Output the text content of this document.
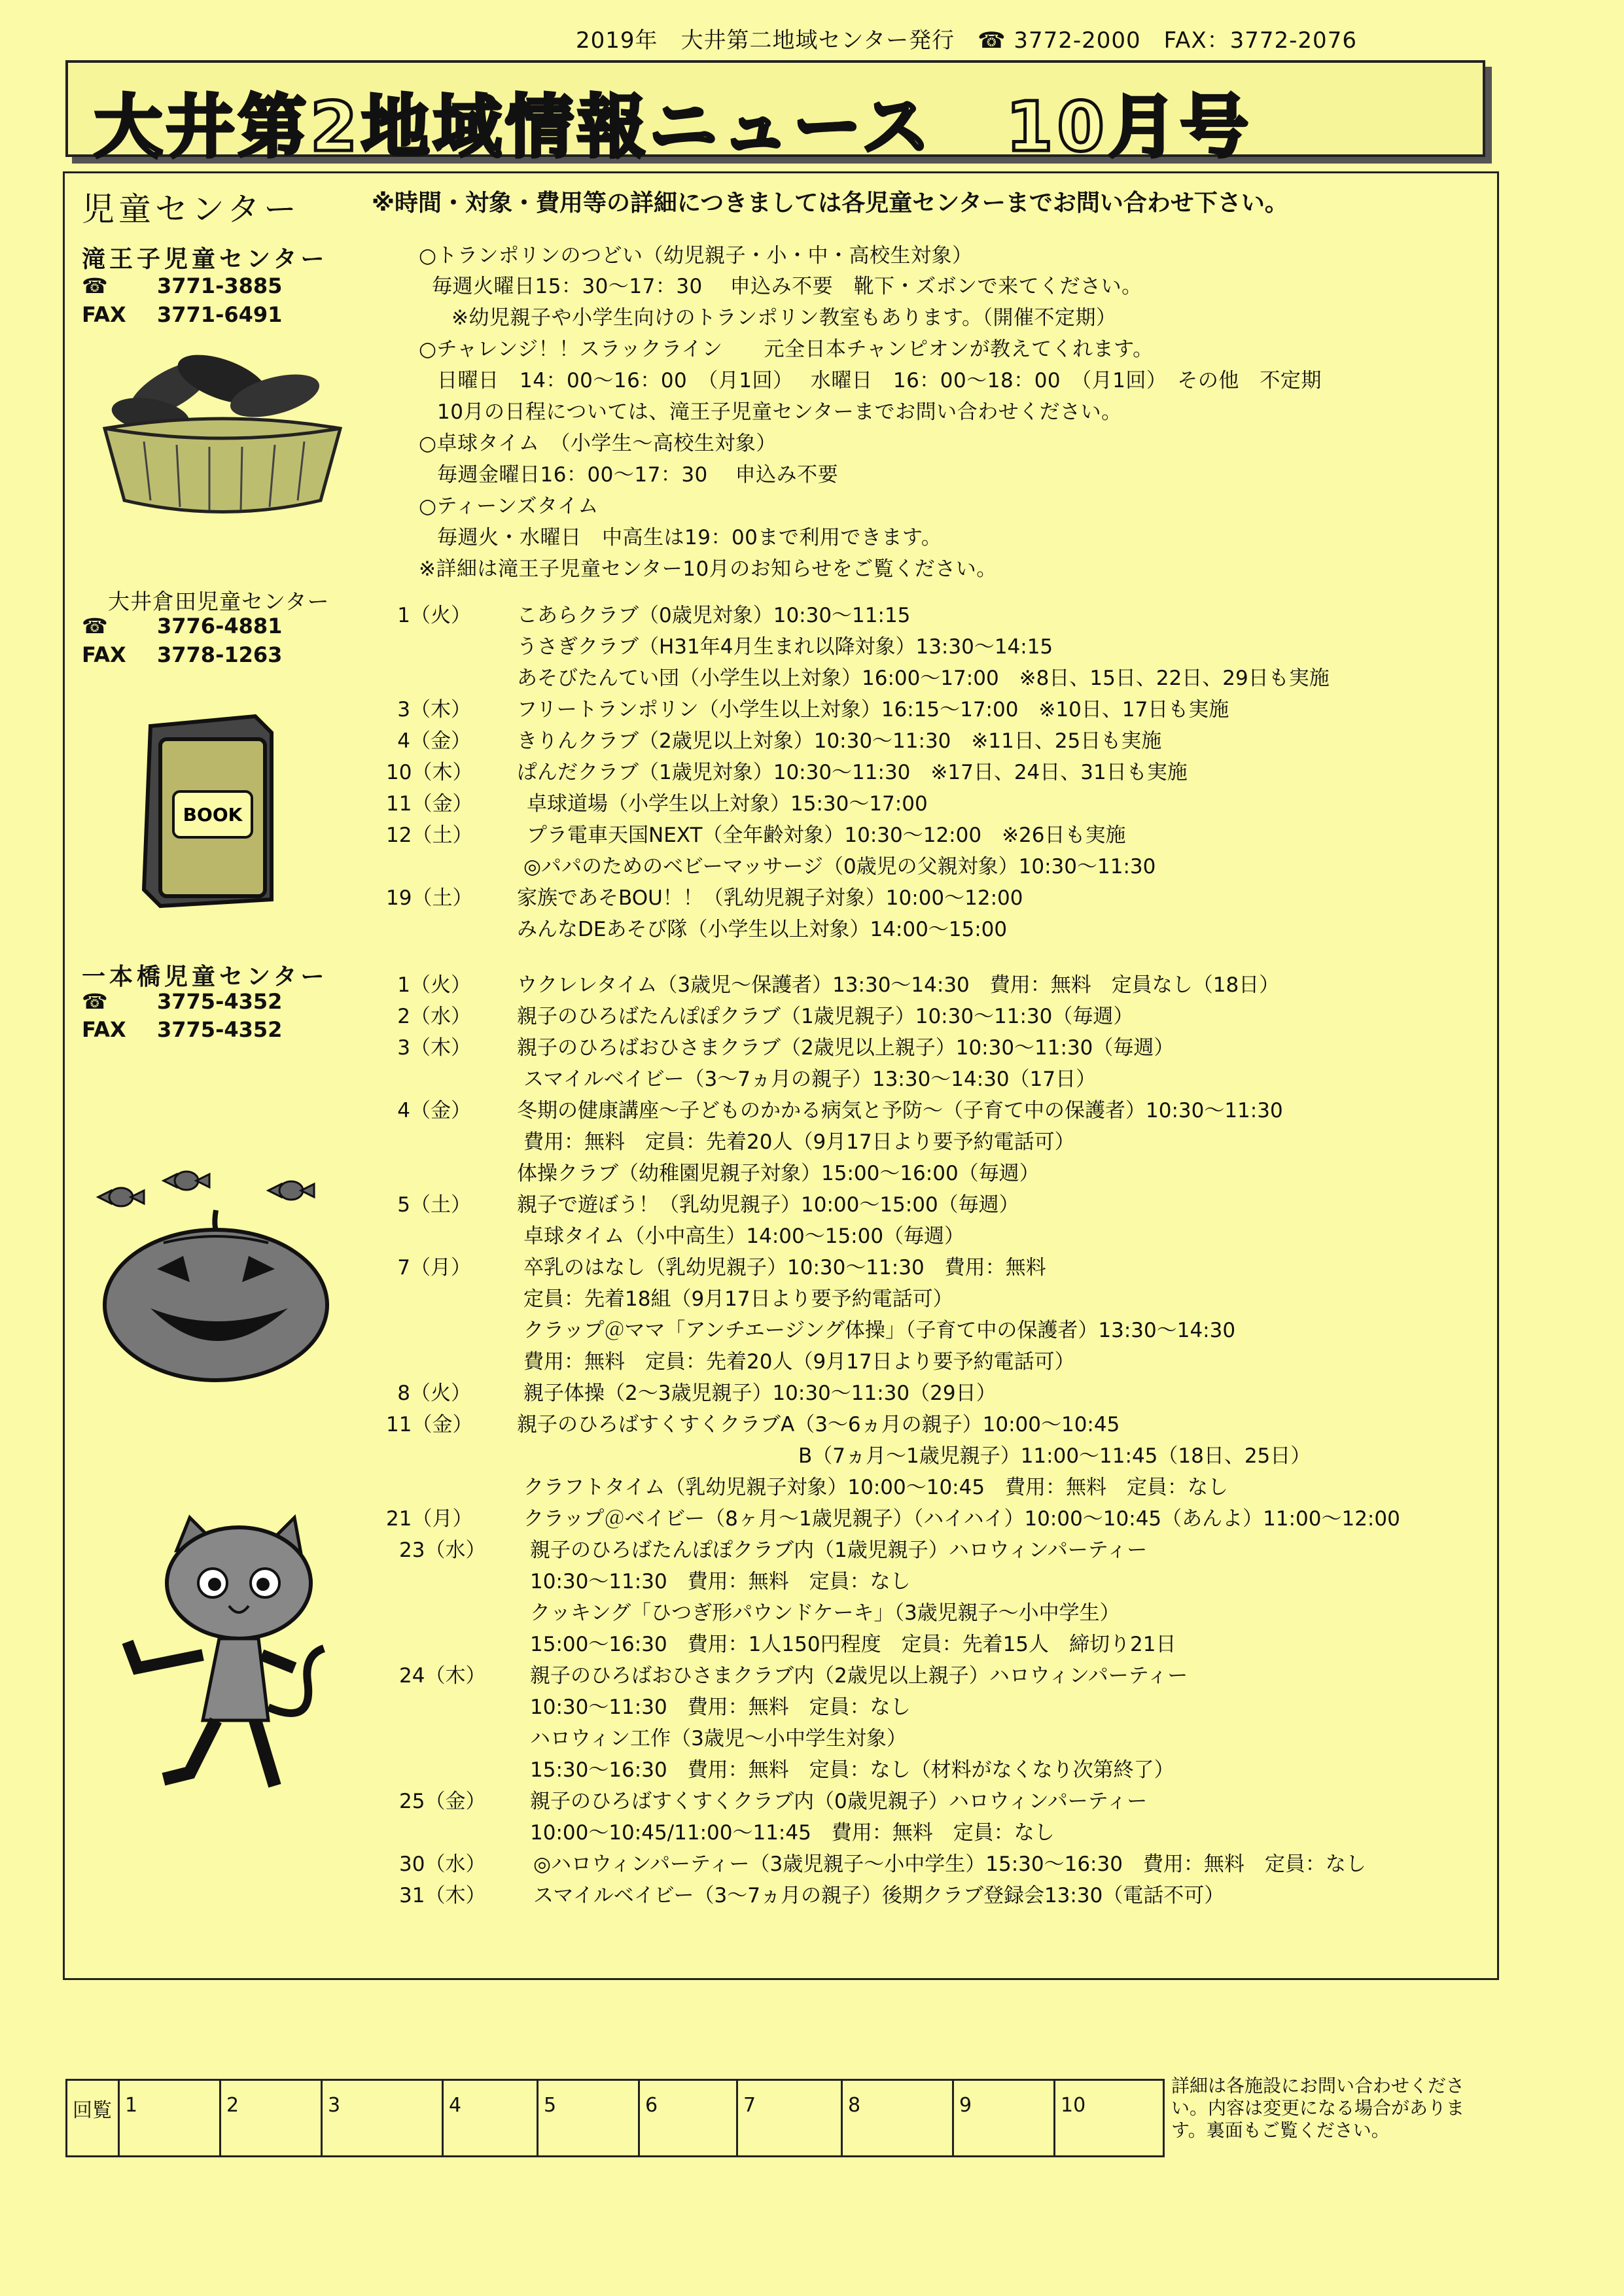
2019年　大井第二地域センター発行　☎ 3772-2000　FAX：3772-2076
大井第2地域情報ニュース　10月号
児童センター	※時間・対象・費用等の詳細につきましては各児童センターまでお問い合わせ下さい。
滝王子児童センター
☎ 3771-3885
FAX 3771-6491
大井倉田児童センター
☎ 3776-4881
FAX 3778-1263
BOOK
一本橋児童センター
☎ 3775-4352
FAX 3775-4352
○トランポリンのつどい（幼児親子・小・中・高校生対象）
毎週火曜日15：30～17：30　 申込み不要　靴下・ズボンで来てください。
※幼児親子や小学生向けのトランポリン教室もあります。（開催不定期）
○チャレンジ！！スラックライン　　元全日本チャンピオンが教えてくれます。
日曜日　14：00～16：00　（月1回）　 水曜日　16：00～18：00　（月1回）　その他　不定期
10月の日程については、滝王子児童センターまでお問い合わせください。
○卓球タイム　（小学生～高校生対象）
毎週金曜日16：00～17：30　 申込み不要
○ティーンズタイム
毎週火・水曜日　中高生は19：00まで利用できます。
※詳細は滝王子児童センター10月のお知らせをご覧ください。
1（火） こあらクラブ（0歳児対象）10:30～11:15
うさぎクラブ（H31年4月生まれ以降対象）13:30～14:15
あそびたんてい団（小学生以上対象）16:00～17:00　※8日、15日、22日、29日も実施
3（木） フリートランポリン（小学生以上対象）16:15～17:00　※10日、17日も実施
4（金） きりんクラブ（2歳児以上対象）10:30～11:30　※11日、25日も実施
10（木） ぱんだクラブ（1歳児対象）10:30～11:30　※17日、24日、31日も実施
11（金）	卓球道場（小学生以上対象）15:30～17:00
12（土）	プラ電車天国NEXT（全年齢対象）10:30～12:00　※26日も実施
◎パパのためのベビーマッサージ（0歳児の父親対象）10:30～11:30
19（土） 家族であそBOU！！（乳幼児親子対象）10:00～12:00
みんなDEあそび隊（小学生以上対象）14:00～15:00
1（火） ウクレレタイム（3歳児～保護者）13:30～14:30　費用：無料　定員なし（18日）
2（水） 親子のひろばたんぽぽクラブ（1歳児親子）10:30～11:30（毎週）
3（木） 親子のひろばおひさまクラブ（2歳児以上親子）10:30～11:30（毎週）
スマイルベイビー（3～7ヵ月の親子）13:30～14:30（17日）
4（金） 冬期の健康講座～子どものかかる病気と予防～（子育て中の保護者）10:30～11:30
費用：無料　定員：先着20人（9月17日より要予約電話可）
体操クラブ（幼稚園児親子対象）15:00～16:00（毎週）
5（土） 親子で遊ぼう！（乳幼児親子）10:00～15:00（毎週）
卓球タイム（小中高生）14:00～15:00（毎週）
7（月）	卒乳のはなし（乳幼児親子）10:30～11:30　費用：無料
定員：先着18組（9月17日より要予約電話可）
クラップ＠ママ「アンチエージング体操」（子育て中の保護者）13:30～14:30
費用：無料　定員：先着20人（9月17日より要予約電話可）
8（火）	親子体操（2～3歳児親子）10:30～11:30（29日）
11（金） 親子のひろばすくすくクラブA（3～6ヵ月の親子）10:00～10:45
B（7ヵ月～1歳児親子）11:00～11:45（18日、25日）
クラフトタイム（乳幼児親子対象）10:00～10:45　費用：無料　定員：なし
21（月）	クラップ＠ベイビー（8ヶ月～1歳児親子）（ハイハイ）10:00～10:45（あんよ）11:00～12:00
23（水） 親子のひろばたんぽぽクラブ内（1歳児親子）ハロウィンパーティー
10:30～11:30　費用：無料　定員：なし
クッキング「ひつぎ形パウンドケーキ」（3歳児親子～小中学生）
15:00～16:30　費用：1人150円程度　定員：先着15人　締切り21日
24（木） 親子のひろばおひさまクラブ内（2歳児以上親子）ハロウィンパーティー
10:30～11:30　費用：無料　定員：なし
ハロウィン工作（3歳児～小中学生対象）
15:30～16:30　費用：無料　定員：なし（材料がなくなり次第終了）
25（金） 親子のひろばすくすくクラブ内（0歳児親子）ハロウィンパーティー
10:00～10:45/11:00～11:45　費用：無料　定員：なし
30（水） ◎ハロウィンパーティー（3歳児親子～小中学生）15:30～16:30　費用：無料　定員：なし
31（木） スマイルベイビー（3～7ヵ月の親子）後期クラブ登録会13:30（電話不可）
回覧 1	2	3	4	5	6	7	8	9	10
詳細は各施設にお問い合わせください。内容は変更になる場合があります。裏面もご覧ください。
